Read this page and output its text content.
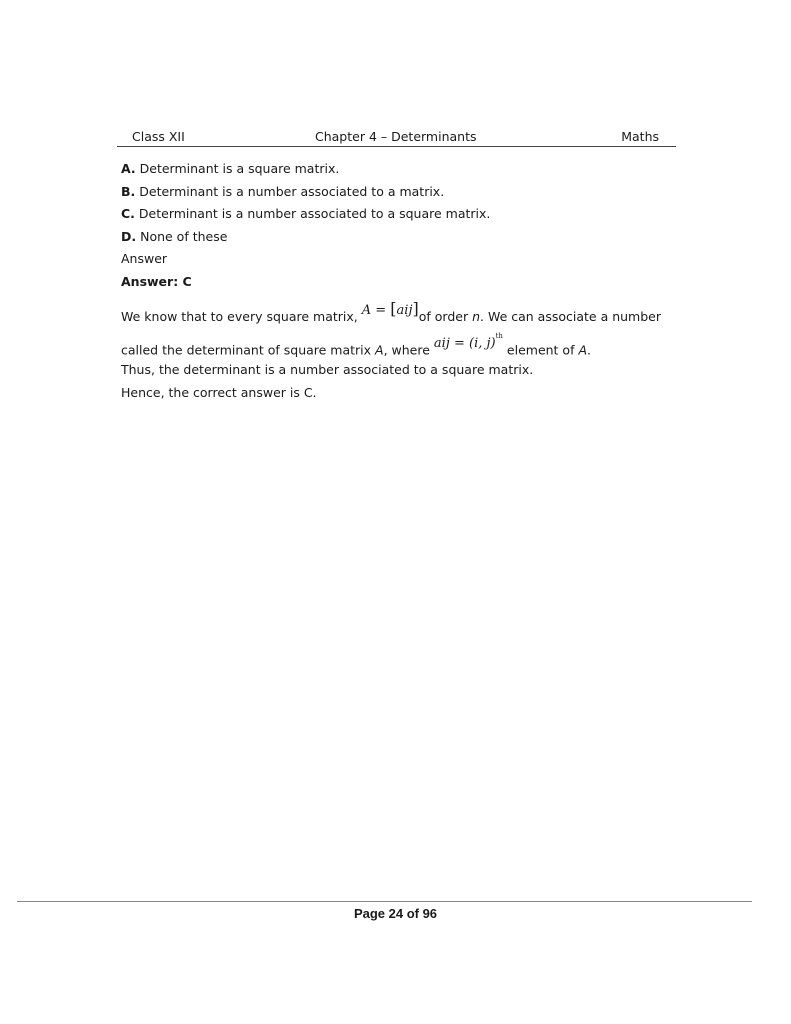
Class XII	Chapter 4 – Determinants	Maths
A. Determinant is a square matrix.
B. Determinant is a number associated to a matrix.
C. Determinant is a number associated to a square matrix.
D. None of these
Answer
Answer: C
We know that to every square matrix, A = [aij]of order n. We can associate a number
called the determinant of square matrix A, where aij = (i, j)$^{th}$ element of A.
Thus, the determinant is a number associated to a square matrix.
Hence, the correct answer is C.
Page 24 of 96
